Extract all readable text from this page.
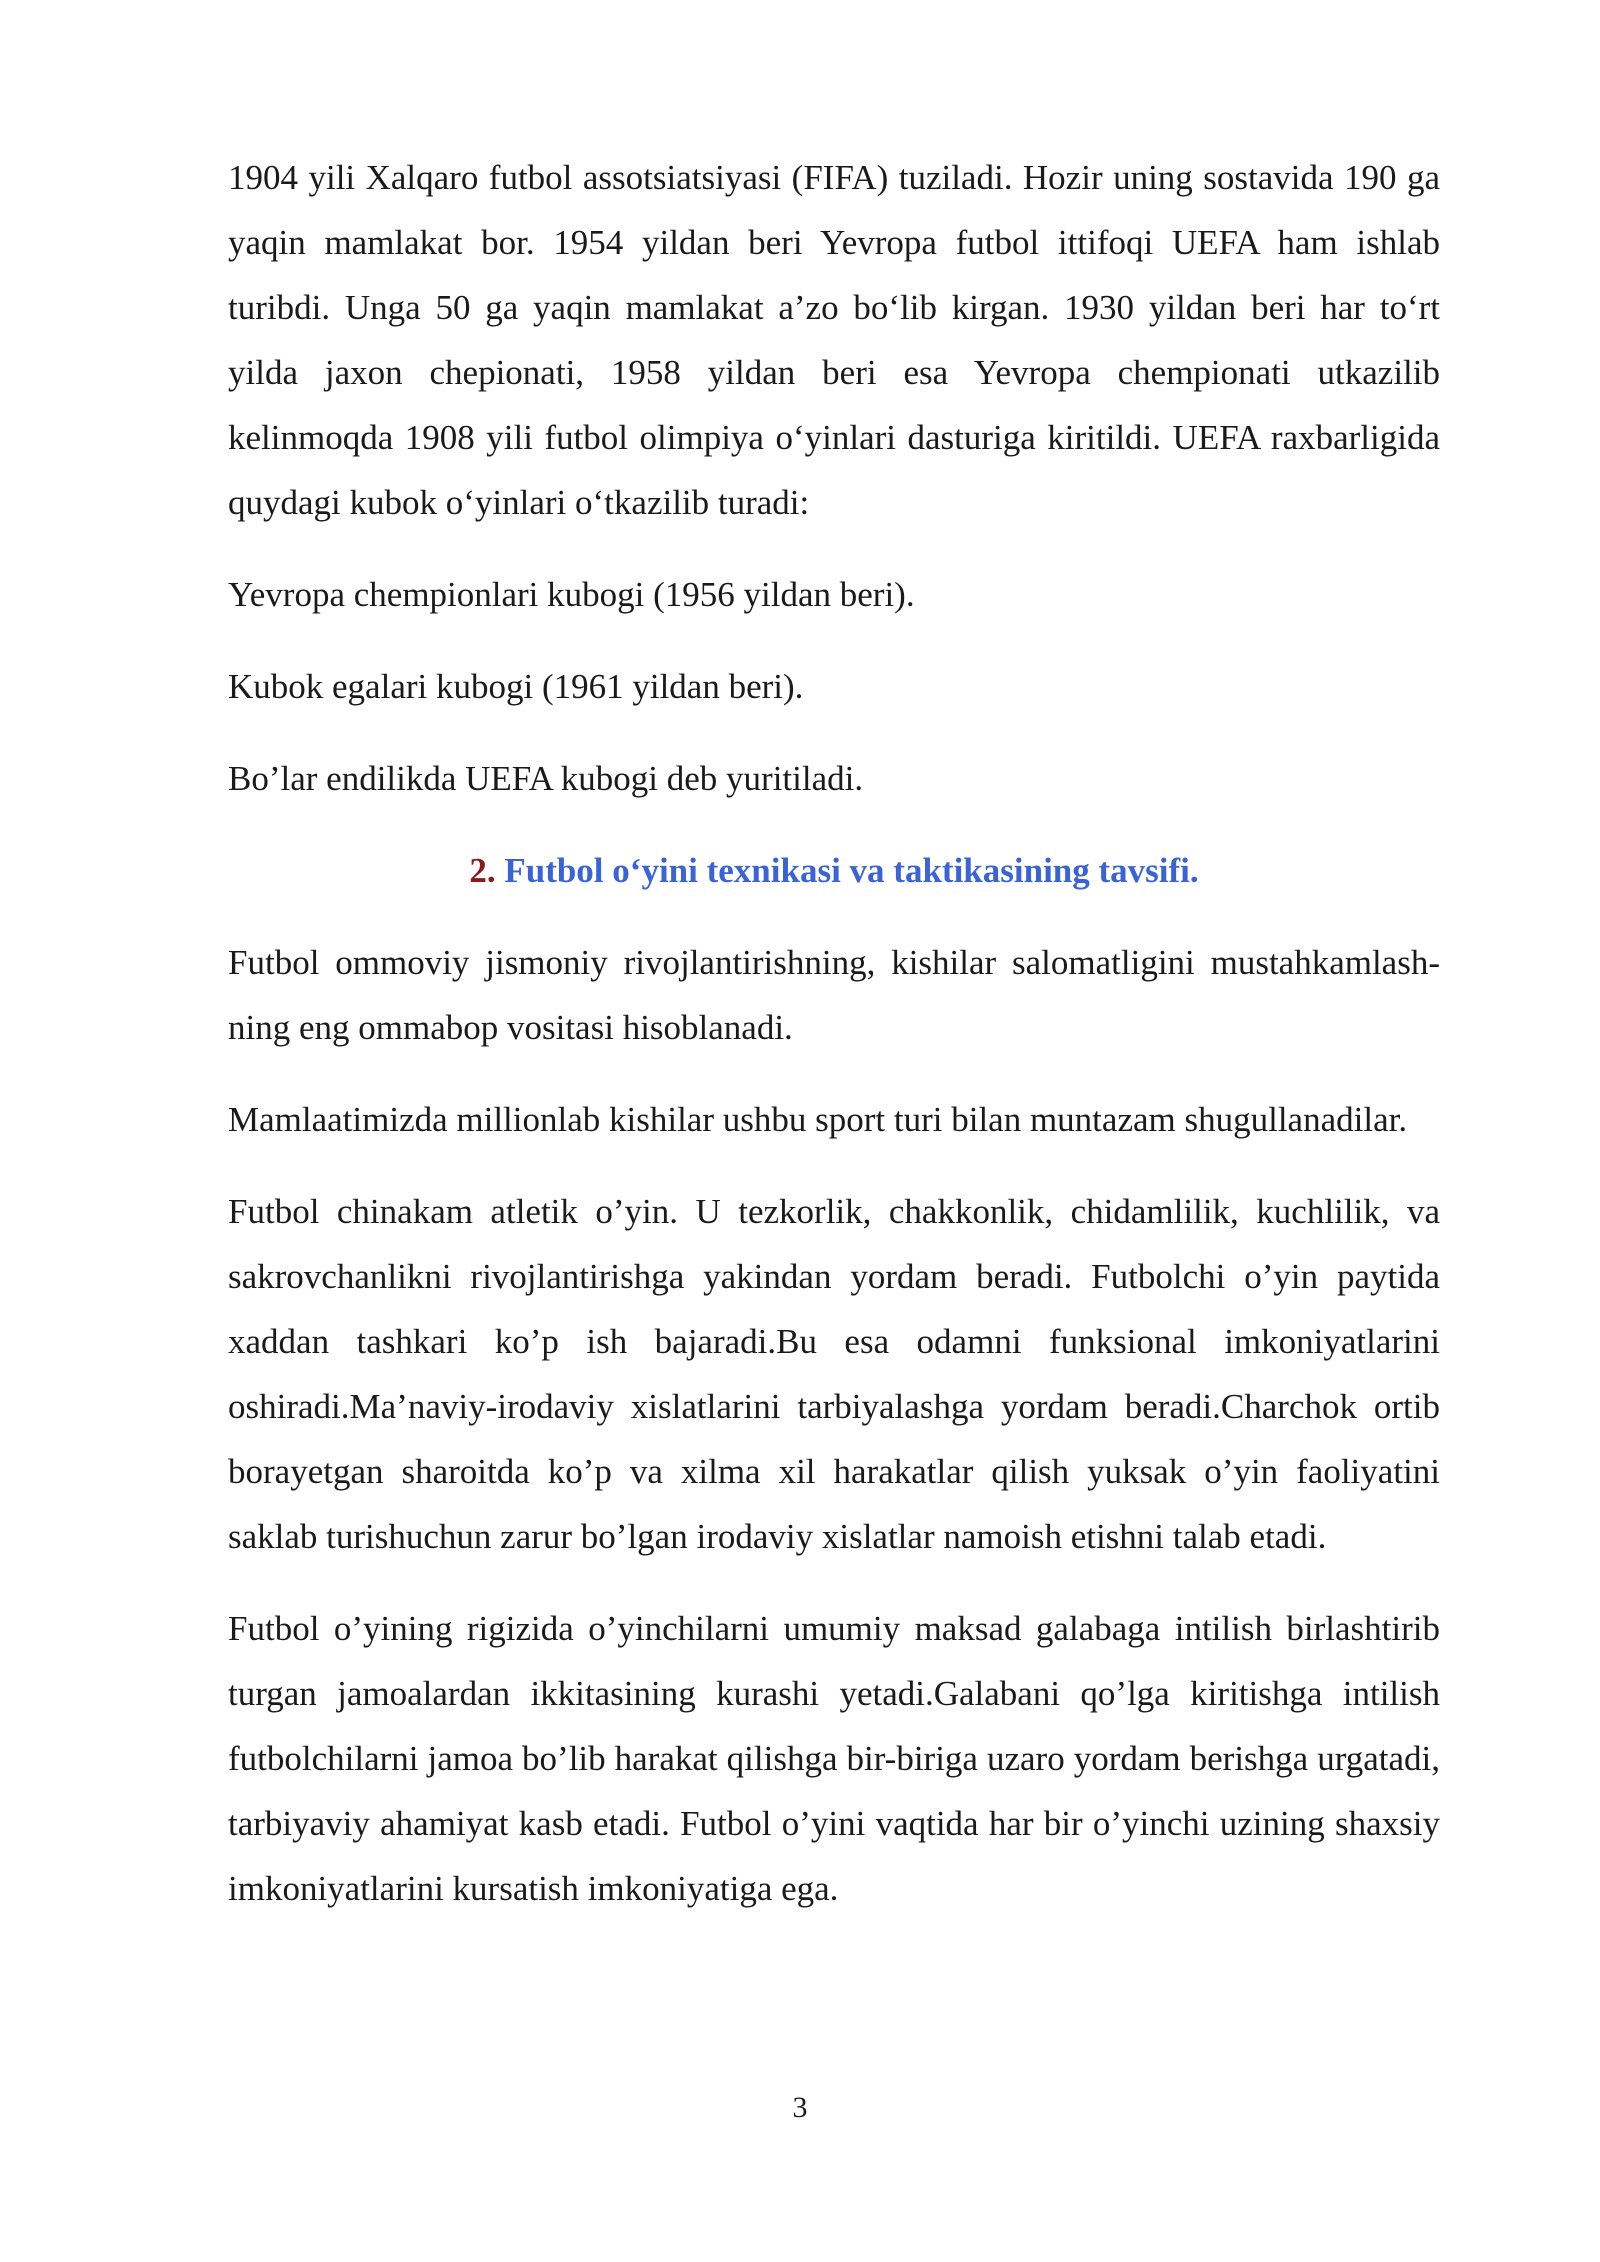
1904 yili Xalqaro futbol assotsiatsiyasi (FIFA) tuziladi. Hozir uning sostavida 190 ga yaqin mamlakat bor. 1954 yildan beri Yevropa futbol ittifoqi UEFA ham ishlab turibdi. Unga 50 ga yaqin mamlakat a’zo bo‘lib kirgan. 1930 yildan beri har to‘rt yilda jaxon chepionati, 1958 yildan beri esa Yevropa chempionati utkazilib kelinmoqda 1908 yili futbol olimpiya o‘yinlari dasturiga kiritildi. UEFA raxbarligida quydagi kubok o‘yinlari o‘tkazilib turadi:

Yevropa chempionlari kubogi (1956 yildan beri).

Kubok egalari kubogi (1961 yildan beri).

Bo’lar endilikda UEFA kubogi deb yuritiladi.

2. Futbol o‘yini texnikasi va taktikasining tavsifi.

Futbol ommoviy jismoniy rivojlantirishning, kishilar salomatligini mustahkamlash-ning eng ommabop vositasi hisoblanadi.

Mamlaatimizda millionlab kishilar ushbu sport turi bilan muntazam shugullanadilar.

Futbol chinakam atletik o’yin. U tezkorlik, chakkonlik, chidamlilik, kuchlilik, va sakrovchanlikni rivojlantirishga yakindan yordam beradi. Futbolchi o’yin paytida xaddan tashkari ko’p ish bajaradi.Bu esa odamni funksional imkoniyatlarini oshiradi.Ma’naviy-irodaviy xislatlarini tarbiyalashga yordam beradi.Charchok ortib borayetgan sharoitda ko’p va xilma xil harakatlar qilish yuksak o’yin faoliyatini saklab turishuchun zarur bo’lgan irodaviy xislatlar namoish etishni talab etadi.

Futbol o’yining rigizida o’yinchilarni umumiy maksad galabaga intilish birlashtirib turgan jamoalardan ikkitasining kurashi yetadi.Galabani qo’lga kiritishga intilish futbolchilarni jamoa bo’lib harakat qilishga bir-biriga uzaro yordam berishga urgatadi, tarbiyaviy ahamiyat kasb etadi. Futbol o’yini vaqtida har bir o’yinchi uzining shaxsiy imkoniyatlarini kursatish imkoniyatiga ega.

3
